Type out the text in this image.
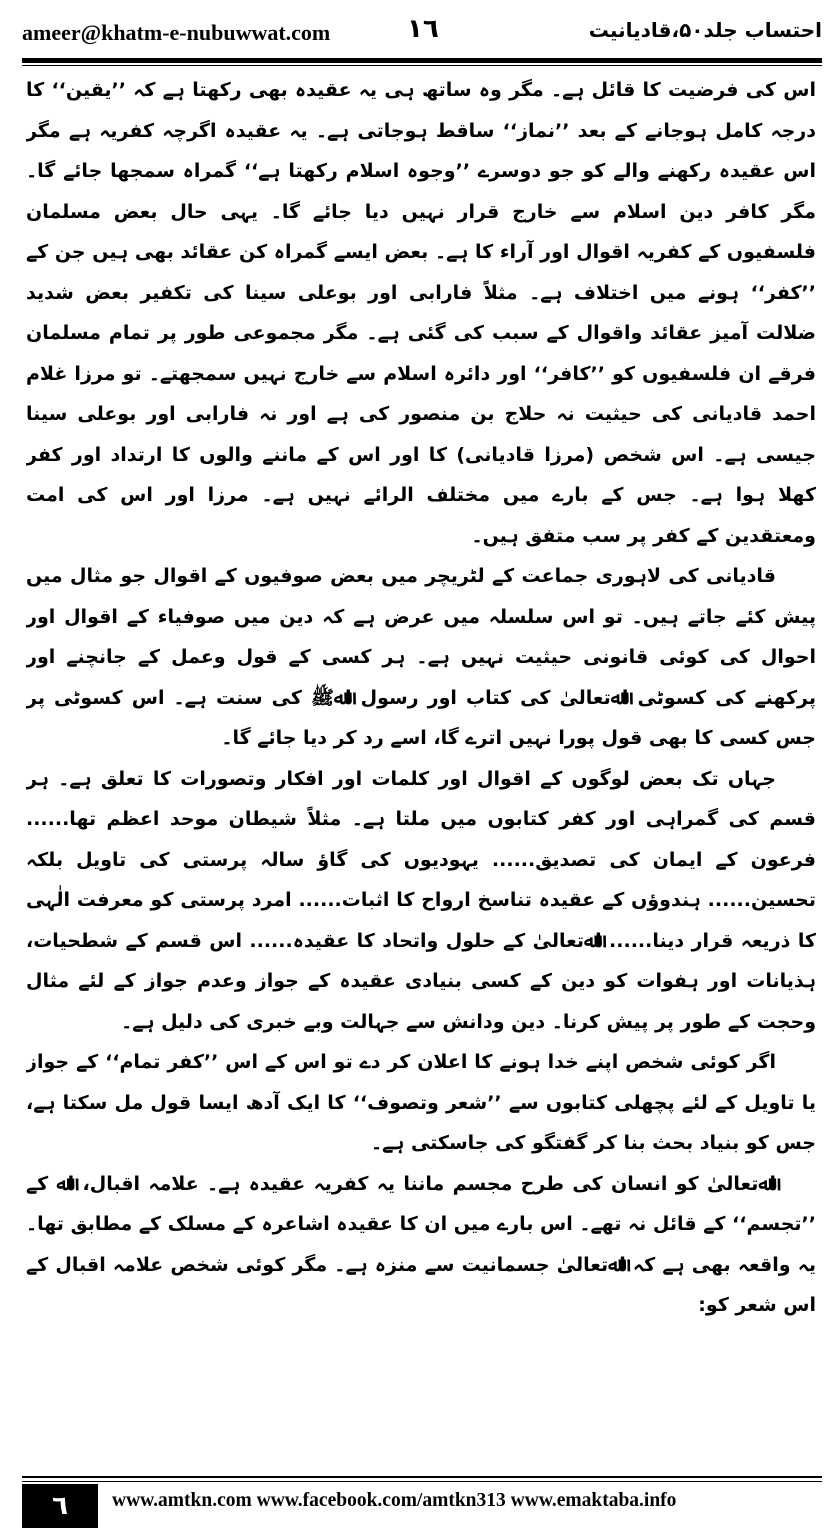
ameer@khatm-e-nubuwwat.com	١٦	احتساب جلد۵۰،قادیانیت

اس کی فرضیت کا قائل ہے۔ مگر وہ ساتھ ہی یہ عقیدہ بھی رکھتا ہے کہ ’’یقین‘‘ کا درجہ کامل ہوجانے کے بعد ’’نماز‘‘ ساقط ہوجاتی ہے۔ یہ عقیدہ اگرچہ کفریہ ہے مگر اس عقیدہ رکھنے والے کو جو دوسرے ’’وجوہ اسلام رکھتا ہے‘‘ گمراہ سمجھا جائے گا۔ مگر کافر دین اسلام سے خارج قرار نہیں دیا جائے گا۔ یہی حال بعض مسلمان فلسفیوں کے کفریہ اقوال اور آراء کا ہے۔ بعض ایسے گمراہ کن عقائد بھی ہیں جن کے ’’کفر‘‘ ہونے میں اختلاف ہے۔ مثلاً فارابی اور بوعلی سینا کی تکفیر بعض شدید ضلالت آمیز عقائد واقوال کے سبب کی گئی ہے۔ مگر مجموعی طور پر تمام مسلمان فرقے ان فلسفیوں کو ’’کافر‘‘ اور دائرہ اسلام سے خارج نہیں سمجھتے۔ تو مرزا غلام احمد قادیانی کی حیثیت نہ حلاج بن منصور کی ہے اور نہ فارابی اور بوعلی سینا جیسی ہے۔ اس شخص (مرزا قادیانی) کا اور اس کے ماننے والوں کا ارتداد اور کفر کھلا ہوا ہے۔ جس کے بارے میں مختلف الرائے نہیں ہے۔ مرزا اور اس کی امت ومعتقدین کے کفر پر سب متفق ہیں۔

قادیانی کی لاہوری جماعت کے لٹریچر میں بعض صوفیوں کے اقوال جو مثال میں پیش کئے جاتے ہیں۔ تو اس سلسلہ میں عرض ہے کہ دین میں صوفیاء کے اقوال اور احوال کی کوئی قانونی حیثیت نہیں ہے۔ ہر کسی کے قول وعمل کے جانچنے اور پرکھنے کی کسوٹی اﷲتعالیٰ کی کتاب اور رسول اﷲﷺ کی سنت ہے۔ اس کسوٹی پر جس کسی کا بھی قول پورا نہیں اترے گا، اسے رد کر دیا جائے گا۔

جہاں تک بعض لوگوں کے اقوال اور کلمات اور افکار وتصورات کا تعلق ہے۔ ہر قسم کی گمراہی اور کفر کتابوں میں ملتا ہے۔ مثلاً شیطان موحد اعظم تھا...... فرعون کے ایمان کی تصدیق...... یہودیوں کی گاؤ سالہ پرستی کی تاویل بلکہ تحسین...... ہندوؤں کے عقیدہ تناسخ ارواح کا اثبات...... امرد پرستی کو معرفت الٰہی کا ذریعہ قرار دینا...... اﷲتعالیٰ کے حلول واتحاد کا عقیدہ...... اس قسم کے شطحیات، ہذیانات اور ہفوات کو دین کے کسی بنیادی عقیدہ کے جواز وعدم جواز کے لئے مثال وحجت کے طور پر پیش کرنا۔ دین ودانش سے جہالت وبے خبری کی دلیل ہے۔

اگر کوئی شخص اپنے خدا ہونے کا اعلان کر دے تو اس کے اس ’’کفر تمام‘‘ کے جواز یا تاویل کے لئے پچھلی کتابوں سے ’’شعر وتصوف‘‘ کا ایک آدھ ایسا قول مل سکتا ہے، جس کو بنیاد بحث بنا کر گفتگو کی جاسکتی ہے۔

اﷲتعالیٰ کو انسان کی طرح مجسم ماننا یہ کفریہ عقیدہ ہے۔ علامہ اقبال، اﷲ کے ’’تجسم‘‘ کے قائل نہ تھے۔ اس بارے میں ان کا عقیدہ اشاعرہ کے مسلک کے مطابق تھا۔ یہ واقعہ بھی ہے کہ اﷲتعالیٰ جسمانیت سے منزہ ہے۔ مگر کوئی شخص علامہ اقبال کے اس شعر کو:

٦	www.amtkn.com www.facebook.com/amtkn313 www.emaktaba.info
